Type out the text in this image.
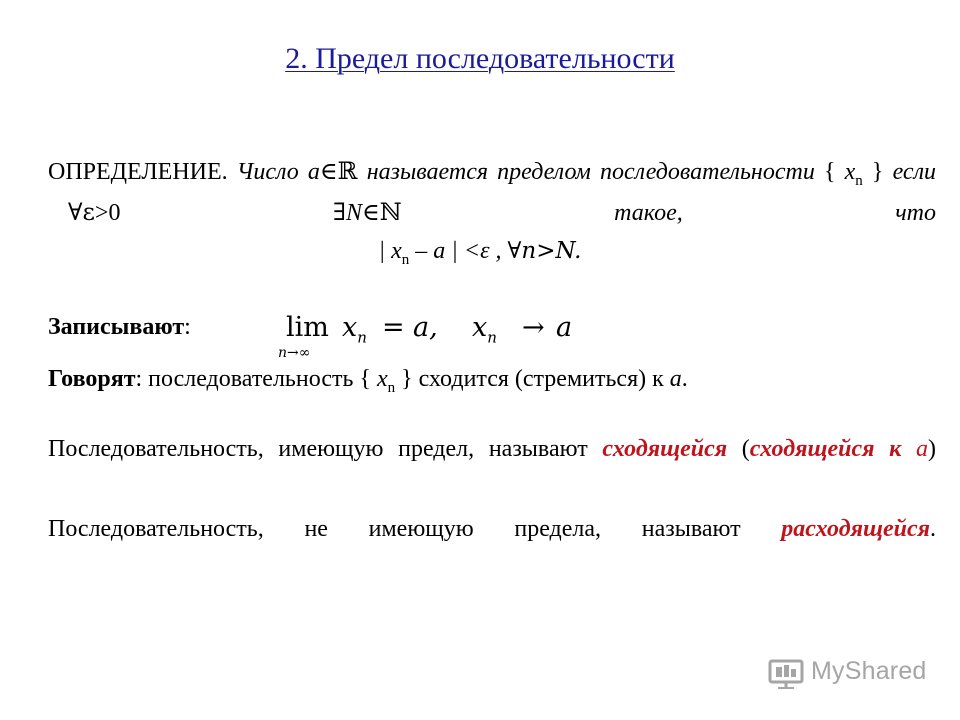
2. Предел последовательности
ОПРЕДЕЛЕНИЕ. Число a∈ℝ называется пределом последовательности { $x_n$ } если ∀ε>0	∃N∈ℕ	такое, что
| $x_n$ – a | <ε , ∀n>N.
Записывают:	lim
n→∞
$x_n = a$, $x_n \to a$
Говорят: последовательность { $x_n$ } сходится (стремиться) к a.
Последовательность, имеющую предел, называют сходящейся (сходящейся к a)
Последовательность, не имеющую предела, называют расходящейся.
MyShared
